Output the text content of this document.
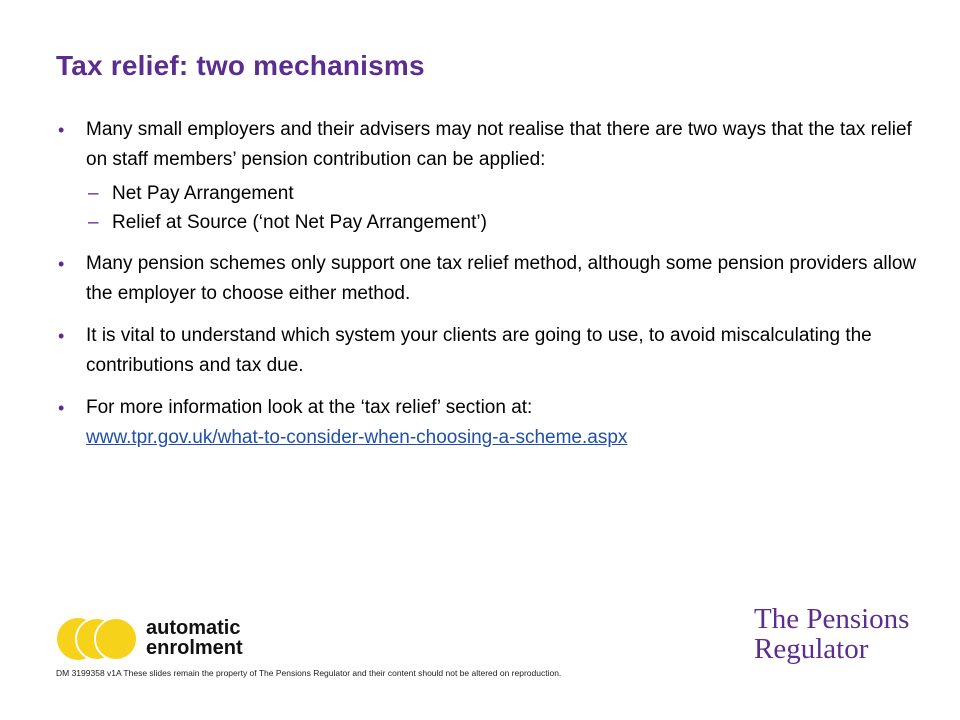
Tax relief: two mechanisms
• Many small employers and their advisers may not realise that there are two ways that the tax relief on staff members’ pension contribution can be applied:
– Net Pay Arrangement
– Relief at Source (‘not Net Pay Arrangement’)
• Many pension schemes only support one tax relief method, although some pension providers allow the employer to choose either method.
• It is vital to understand which system your clients are going to use, to avoid miscalculating the contributions and tax due.
• For more information look at the ‘tax relief’ section at:
www.tpr.gov.uk/what-to-consider-when-choosing-a-scheme.aspx
automatic
enrolment
The Pensions
Regulator
DM 3199358 v1A These slides remain the property of The Pensions Regulator and their content should not be altered on reproduction.
